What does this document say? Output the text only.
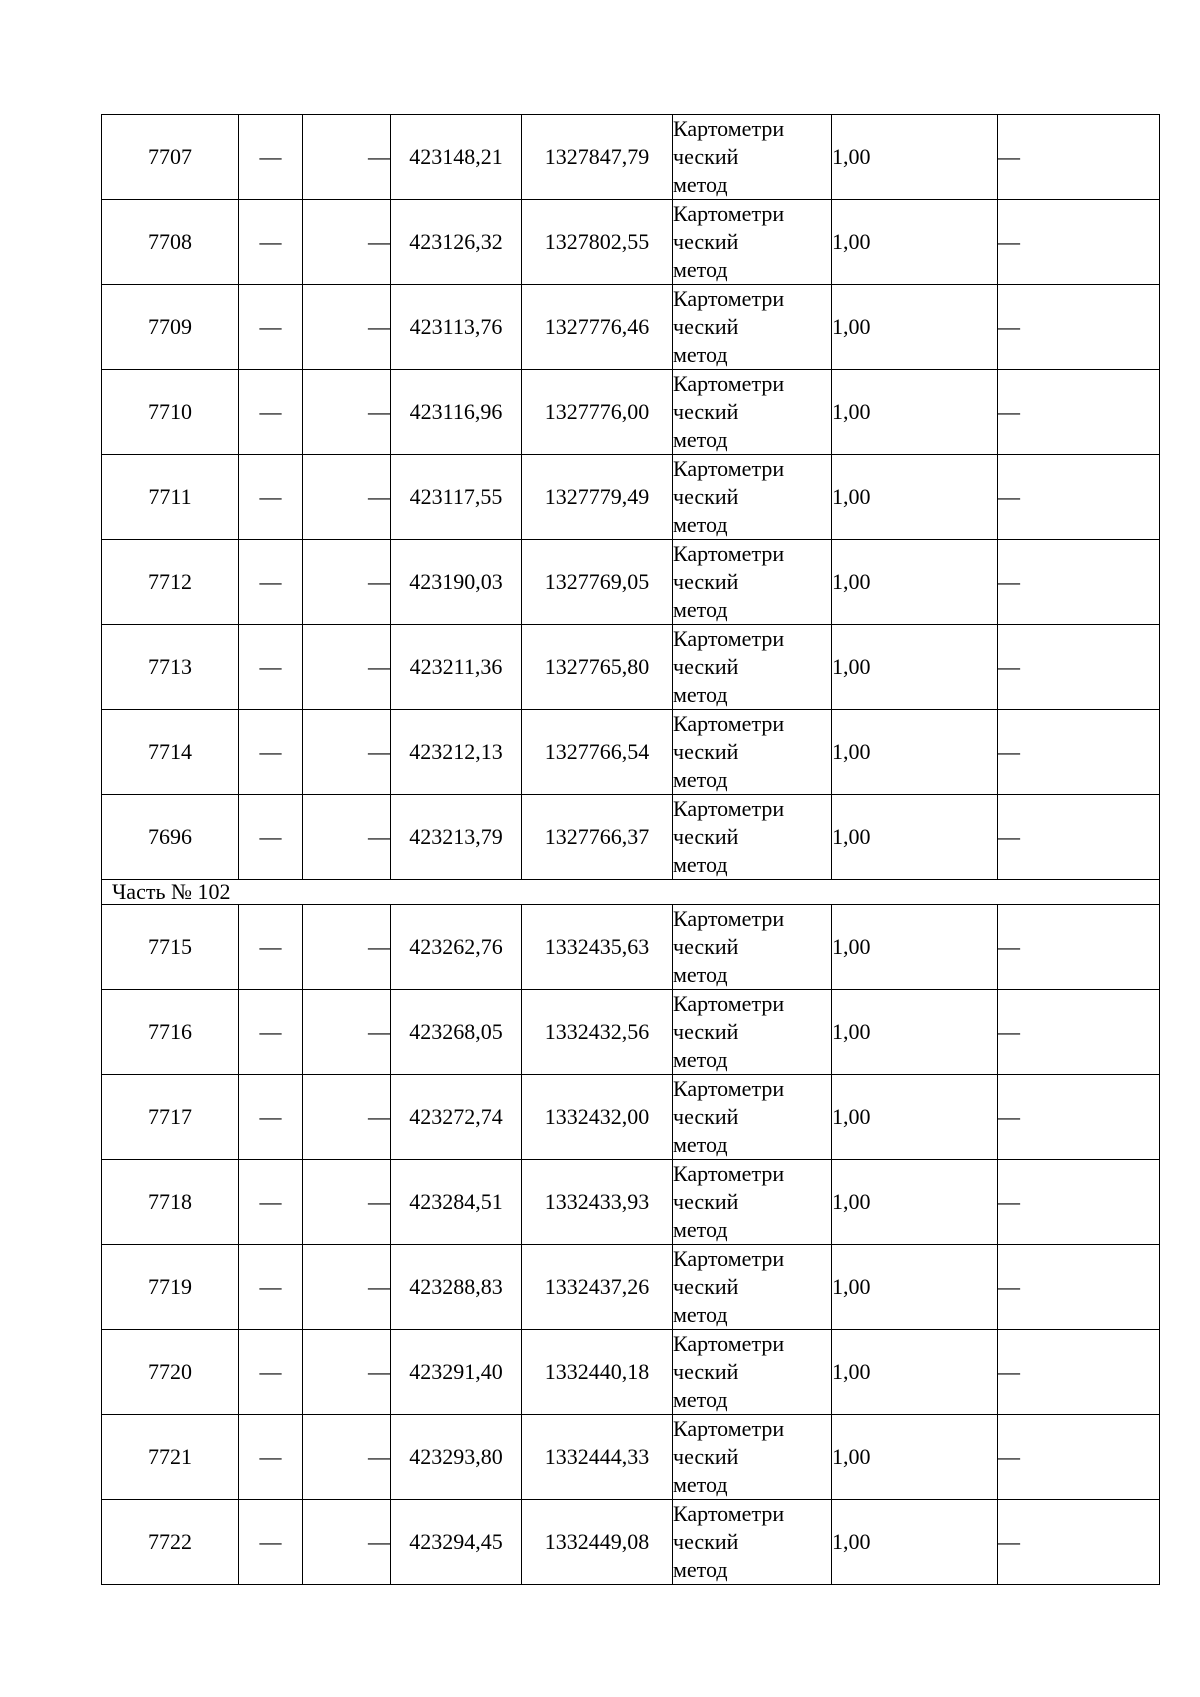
7707	—	—	423148,21	1327847,79	Картометри
ческий
метод	1,00	—
7708	—	—	423126,32	1327802,55	Картометри
ческий
метод	1,00	—
7709	—	—	423113,76	1327776,46	Картометри
ческий
метод	1,00	—
7710	—	—	423116,96	1327776,00	Картометри
ческий
метод	1,00	—
7711	—	—	423117,55	1327779,49	Картометри
ческий
метод	1,00	—
7712	—	—	423190,03	1327769,05	Картометри
ческий
метод	1,00	—
7713	—	—	423211,36	1327765,80	Картометри
ческий
метод	1,00	—
7714	—	—	423212,13	1327766,54	Картометри
ческий
метод	1,00	—
7696	—	—	423213,79	1327766,37	Картометри
ческий
метод	1,00	—
Часть № 102							
7715	—	—	423262,76	1332435,63	Картометри
ческий
метод	1,00	—
7716	—	—	423268,05	1332432,56	Картометри
ческий
метод	1,00	—
7717	—	—	423272,74	1332432,00	Картометри
ческий
метод	1,00	—
7718	—	—	423284,51	1332433,93	Картометри
ческий
метод	1,00	—
7719	—	—	423288,83	1332437,26	Картометри
ческий
метод	1,00	—
7720	—	—	423291,40	1332440,18	Картометри
ческий
метод	1,00	—
7721	—	—	423293,80	1332444,33	Картометри
ческий
метод	1,00	—
7722	—	—	423294,45	1332449,08	Картометри
ческий
метод	1,00	—
